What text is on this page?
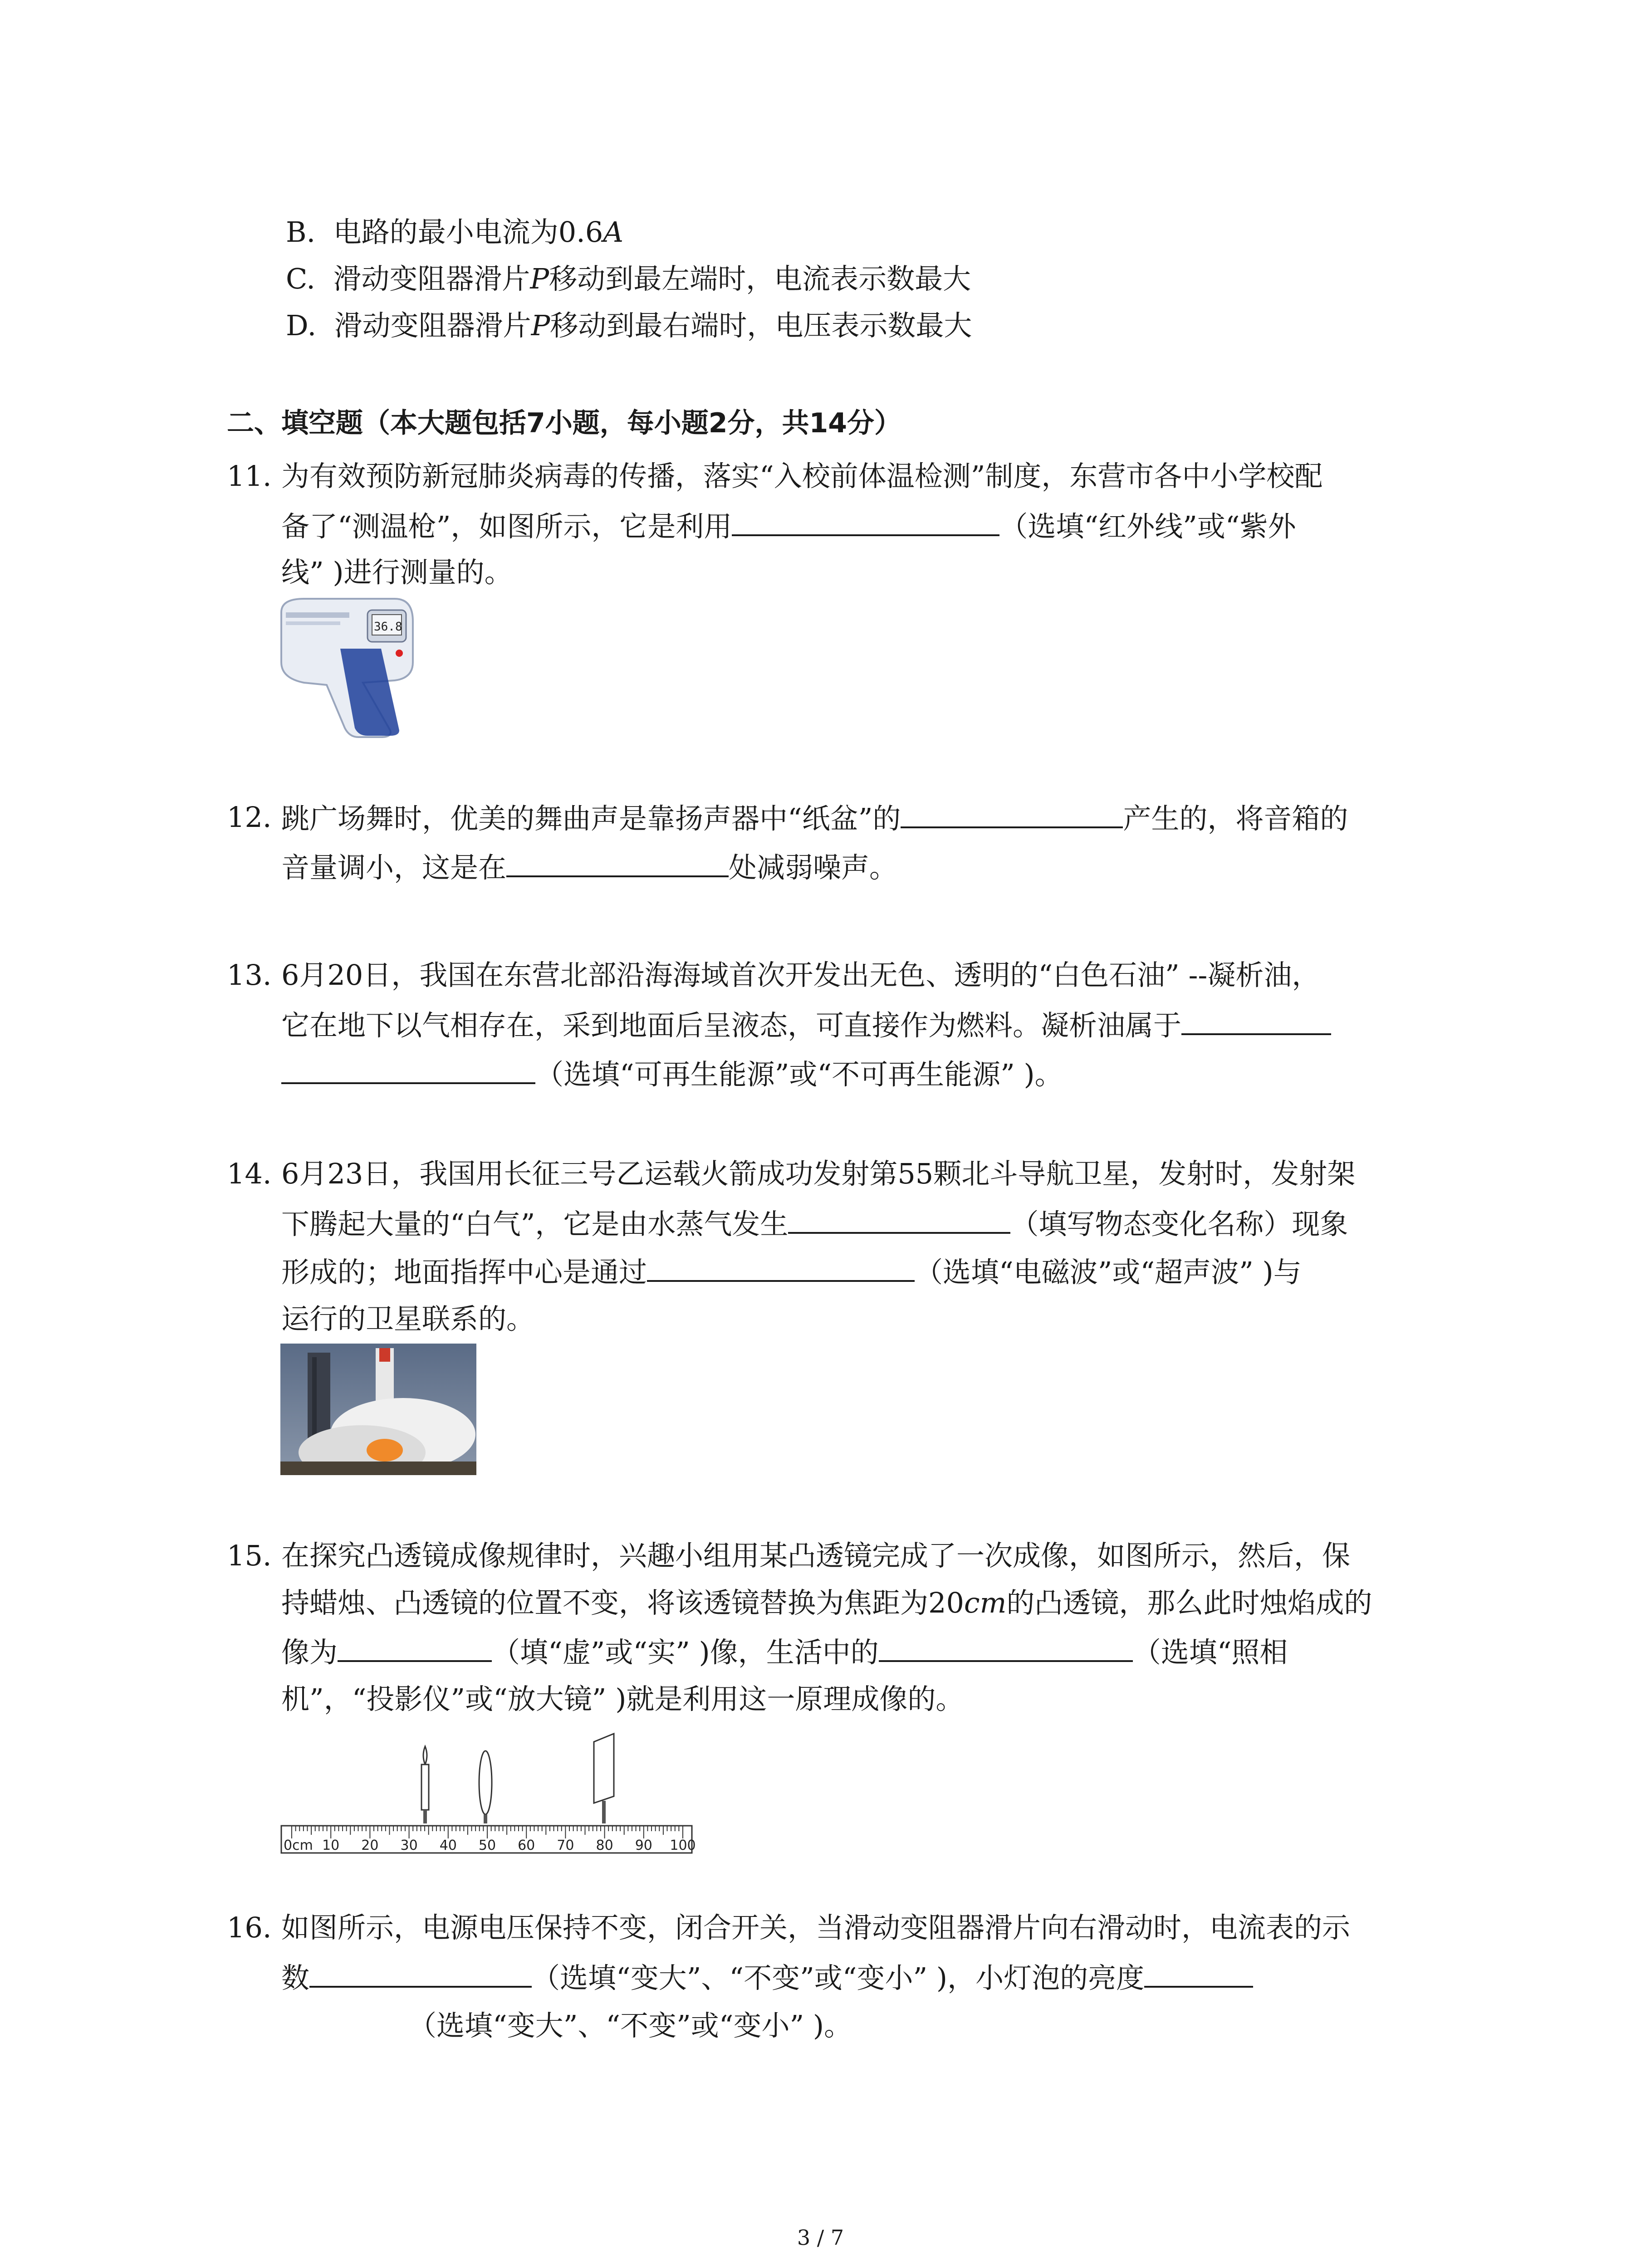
B. 电路的最小电流为0.6A
C. 滑动变阻器滑片P移动到最左端时，电流表示数最大
D. 滑动变阻器滑片P移动到最右端时，电压表示数最大
二、填空题（本大题包括7小题，每小题2分，共14分）
11. 为有效预防新冠肺炎病毒的传播，落实“入校前体温检测”制度，东营市各中小学校配
备了“测温枪”，如图所示，它是利用	（选填“红外线”或“紫外
线” )进行测量的。
36.8
12. 跳广场舞时，优美的舞曲声是靠扬声器中“纸盆”的	产生的，将音箱的
音量调小，这是在	处减弱噪声。
13. 6月20日，我国在东营北部沿海海域首次开发出无色、透明的“白色石油” --凝析油，
它在地下以气相存在，采到地面后呈液态，可直接作为燃料。凝析油属于
（选填“可再生能源”或“不可再生能源” )。
14. 6月23日，我国用长征三号乙运载火箭成功发射第55颗北斗导航卫星，发射时，发射架
下腾起大量的“白气”，它是由水蒸气发生	（填写物态变化名称）现象
形成的；地面指挥中心是通过	（选填“电磁波”或“超声波” )与
运行的卫星联系的。
15. 在探究凸透镜成像规律时，兴趣小组用某凸透镜完成了一次成像，如图所示，然后，保
持蜡烛、凸透镜的位置不变，将该透镜替换为焦距为20cm的凸透镜，那么此时烛焰成的
像为	（填“虚”或“实” )像，生活中的	（选填“照相
机”，“投影仪”或“放大镜” )就是利用这一原理成像的。
0cm 10 20 30 40 50 60 70 80 90 100
16. 如图所示，电源电压保持不变，闭合开关，当滑动变阻器滑片向右滑动时，电流表的示
数	（选填“变大”、“不变”或“变小” )，小灯泡的亮度
（选填“变大”、“不变”或“变小” )。
3 / 7
